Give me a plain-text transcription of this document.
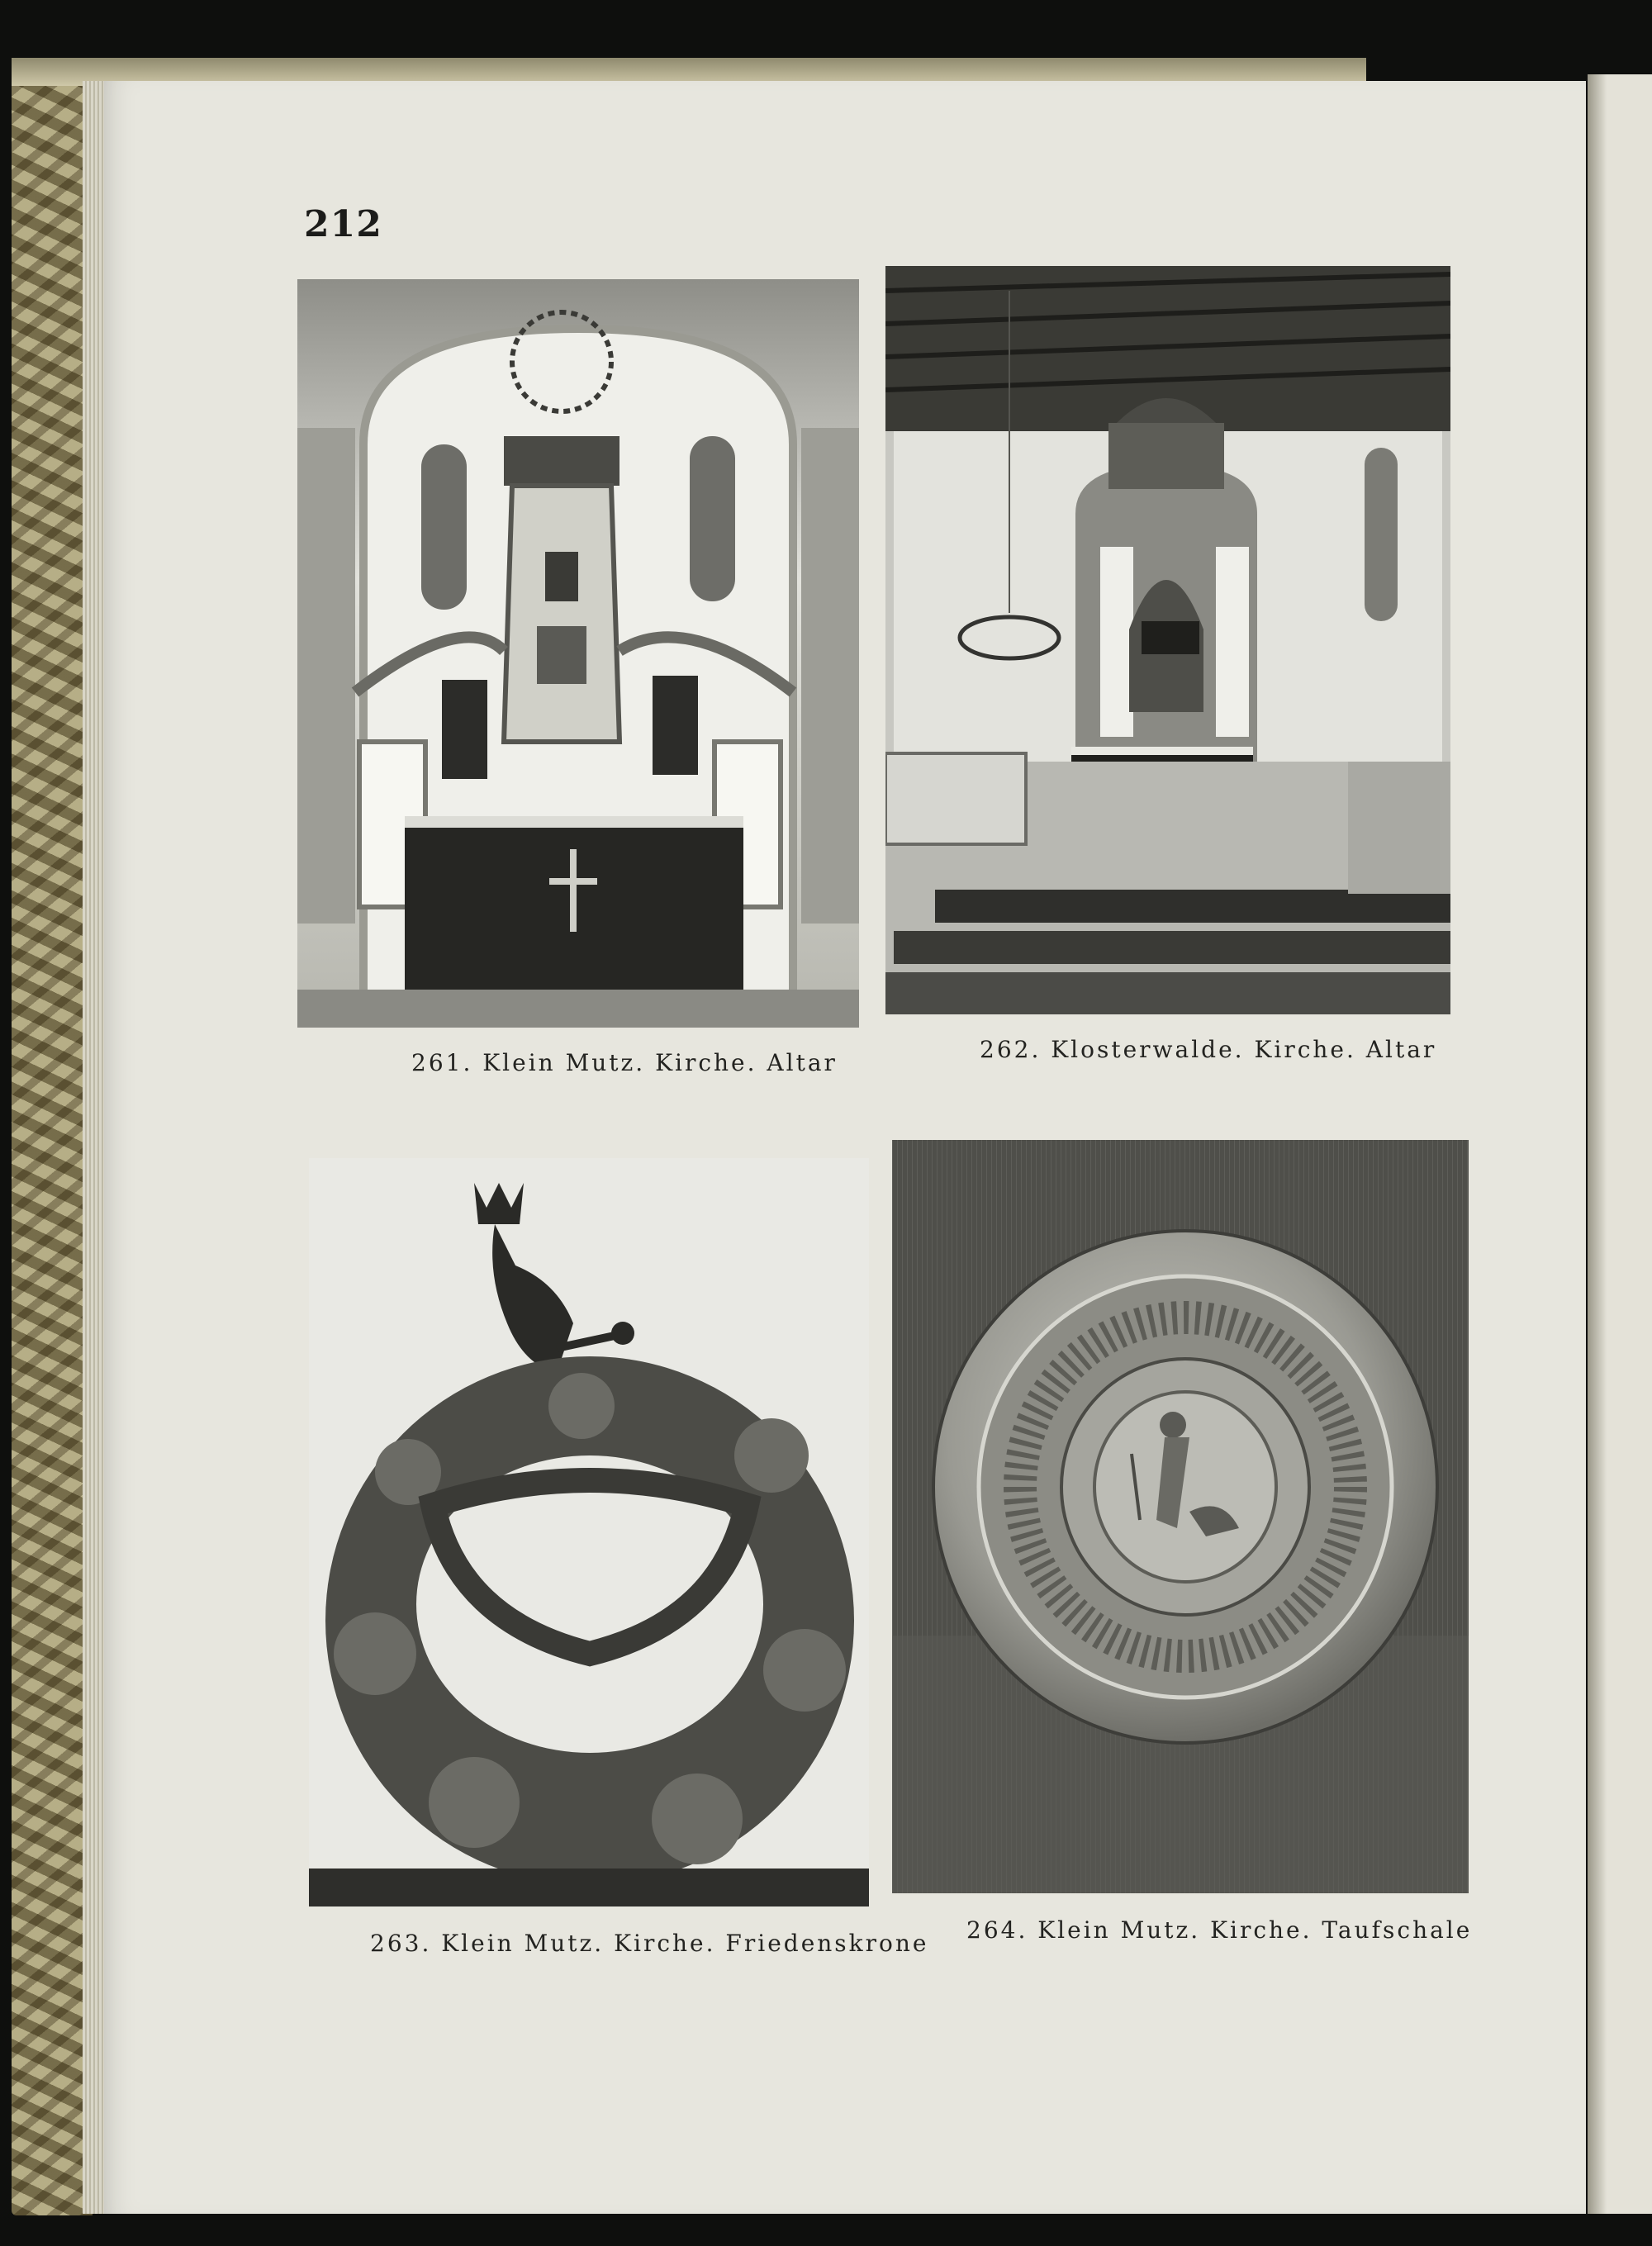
212
261. Klein Mutz. Kirche. Altar	262. Klosterwalde. Kirche. Altar
263. Klein Mutz. Kirche. Friedenskrone 264. Klein Mutz. Kirche. Taufschale
